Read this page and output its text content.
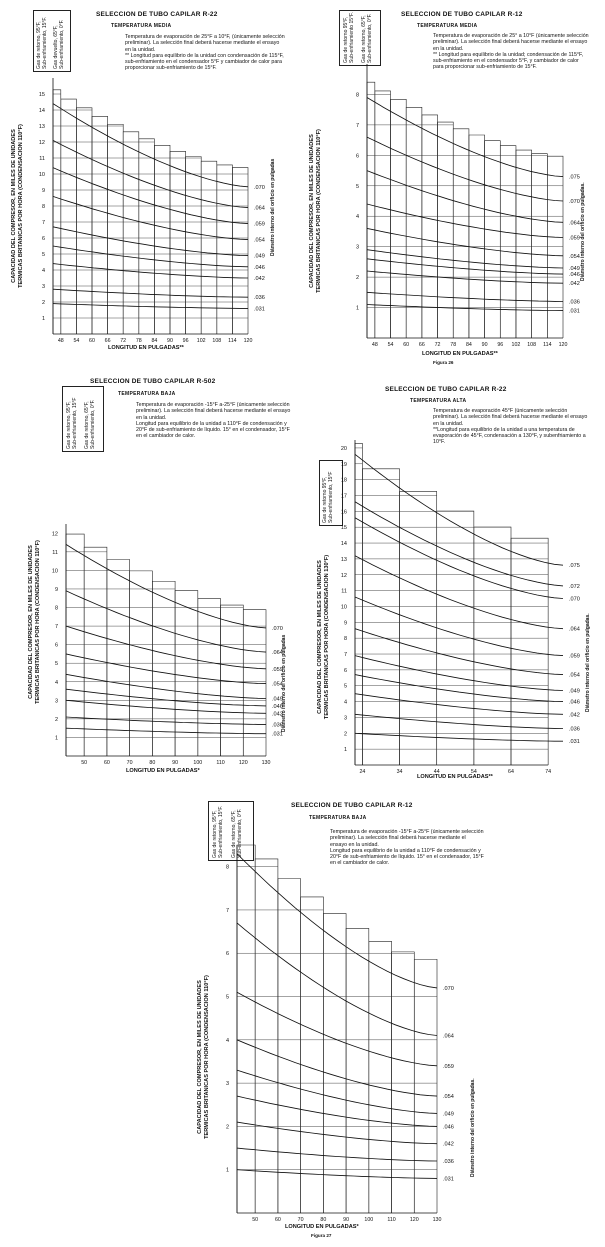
SELECCION DE TUBO CAPILAR R-22
TEMPERATURA MEDIA
Temperatura de evaporación de 25°F a 10°F, (únicamente selección preliminar). La selección final deberá hacerse mediante el ensayo en la unidad.
** Longitud para equilibrio de la unidad con condensación de 115°F, sub-enfriamiento en el condensador 5°F y cambiador de calor para proporcionar sub-enfriamiento de 15°F.
Gas de retorno, 95°F,
Sub-enfriamiento, 15°F.
Gas devuelto, 65°F,
Sub-enfriamiento, 0°F.
CAPACIDAD DEL COMPRESOR, EN MILES DE UNIDADES
TERMICAS BRITANICAS POR HORA (CONDENSACION 110°F)
1
2
3
4
5
6
7
8
9
10
11
12
13
14
15
48 54 60 66 72 78 84 90 96 102 108 114 120
.070
.064
.059
.054
.049
.046
.042
.036
.031
Diámetro interno del orificio en pulgadas
LONGITUD EN PULGADAS**
SELECCION DE TUBO CAPILAR R-12
TEMPERATURA MEDIA
Temperatura de evaporación de 25° a 10°F (únicamente selección preliminar). La selección final deberá hacerse mediante el ensayo en la unidad.
** Longitud para equilibrio de la unidad; condensación de 115°F, sub-enfriamiento en el condensador 5°F, y cambiador de calor para proporcionar sub-enfriamiento de 15°F.
Gas de retorno 95°F,
Sub-enfriamiento 15°F.
Gas de retorno, 65°F,
Sub-enfriamiento, 0°F.
CAPACIDAD DEL COMPRESOR, EN MILES DE UNIDADES
TERMICAS BRITANICAS POR HORA (CONDENSACION 110°F)
1
2
3
4
5
6
7
8
48 54 60 66 72 78 84 90 96 102 108 114 120
.075
.070
.064
.059
.054
.049
.046
.042
.036
.031
Diámetro interno del orificio en pulgadas.
LONGITUD EN PULGADAS**
Figura 26
SELECCION DE TUBO CAPILAR R-502
TEMPERATURA BAJA
Temperatura de evaporación -15°F a-25°F (únicamente selección preliminar). La selección final deberá hacerse mediante el ensayo en la unidad.
Longitud para equilibrio de la unidad a 110°F de condensación y 20°F de sub-enfriamiento de líquido. 15° en el condensador, 15°F en el cambiador de calor.
Gas de retorno, 95°F,
Sub-enfriamiento, 15°F
Gas de retorno, 65°F,
Sub-enfriamiento, 0°F.
CAPACIDAD DEL COMPRESOR, EN MILES DE UNIDADES
TERMICAS BRITANICAS POR HORA (CONDENSACION 110°F)
1
2
3
4
5
6
7
8
9
10
11
12
50	60	70	80	90	100	110	120	130
.070
.064
.059
.054
.049
.046
.042
.036
.031
Diámetro interno del orificio en pulgadas
LONGITUD EN PULGADAS*
SELECCION DE TUBO CAPILAR R-22
TEMPERATURA ALTA
Temperatura de evaporación 45°F (únicamente selección preliminar). La selección final deberá hacerse mediante el ensayo en la unidad.
**Longitud para equilibrio de la unidad a una temperatura de evaporación de 45°F, condensación a 130°F, y subenfriamiento a 10°F.
Gas de retorno 95°F,
Sub-enfriamiento, 15°F
CAPACIDAD DEL COMPRESOR, EN MILES DE UNIDADES
TERMICAS BRITANICAS POR HORA (CONDENSACION 130°F)
1
2
3
4
5
6
7
8
9
10
11
12
13
14
15
16
17
18
19
20
24	34	44	54	64	74
.075
.072
.070
.064
.059
.054
.049
.046
.042
.036
.031
Diámetro interno del orificio en pulgadas.
LONGITUD EN PULGADAS**
SELECCION DE TUBO CAPILAR R-12
TEMPERATURA BAJA
Temperatura de evaporación -15°F a-25°F (únicamente selección preliminar). La selección final deberá hacerse mediante el ensayo en la unidad.
Longitud para equilibrio de la unidad a 110°F de condensación y 20°F de sub-enfriamiento de líquido. 15° en el condensador, 15°F en el cambiador de calor.
Gas de retorno, 95°F,
Sub-enfriamiento, 15°F.
Gas de retorno, 65°F,
Sub-enfriamiento, 0°F.
CAPACIDAD DEL COMPRESOR, EN MILES DE UNIDADES
TERMICAS BRITANICAS POR HORA (CONDENSACION 110°F)
1
2
3
4
5
6
7
8
50	60	70	80	90	100	110	120	130
.070
.064
.059
.054
.049
.046
.042
.036
.031
Diámetro interno del orificio en pulgadas.
LONGITUD EN PULGADAS*
Figura 27
